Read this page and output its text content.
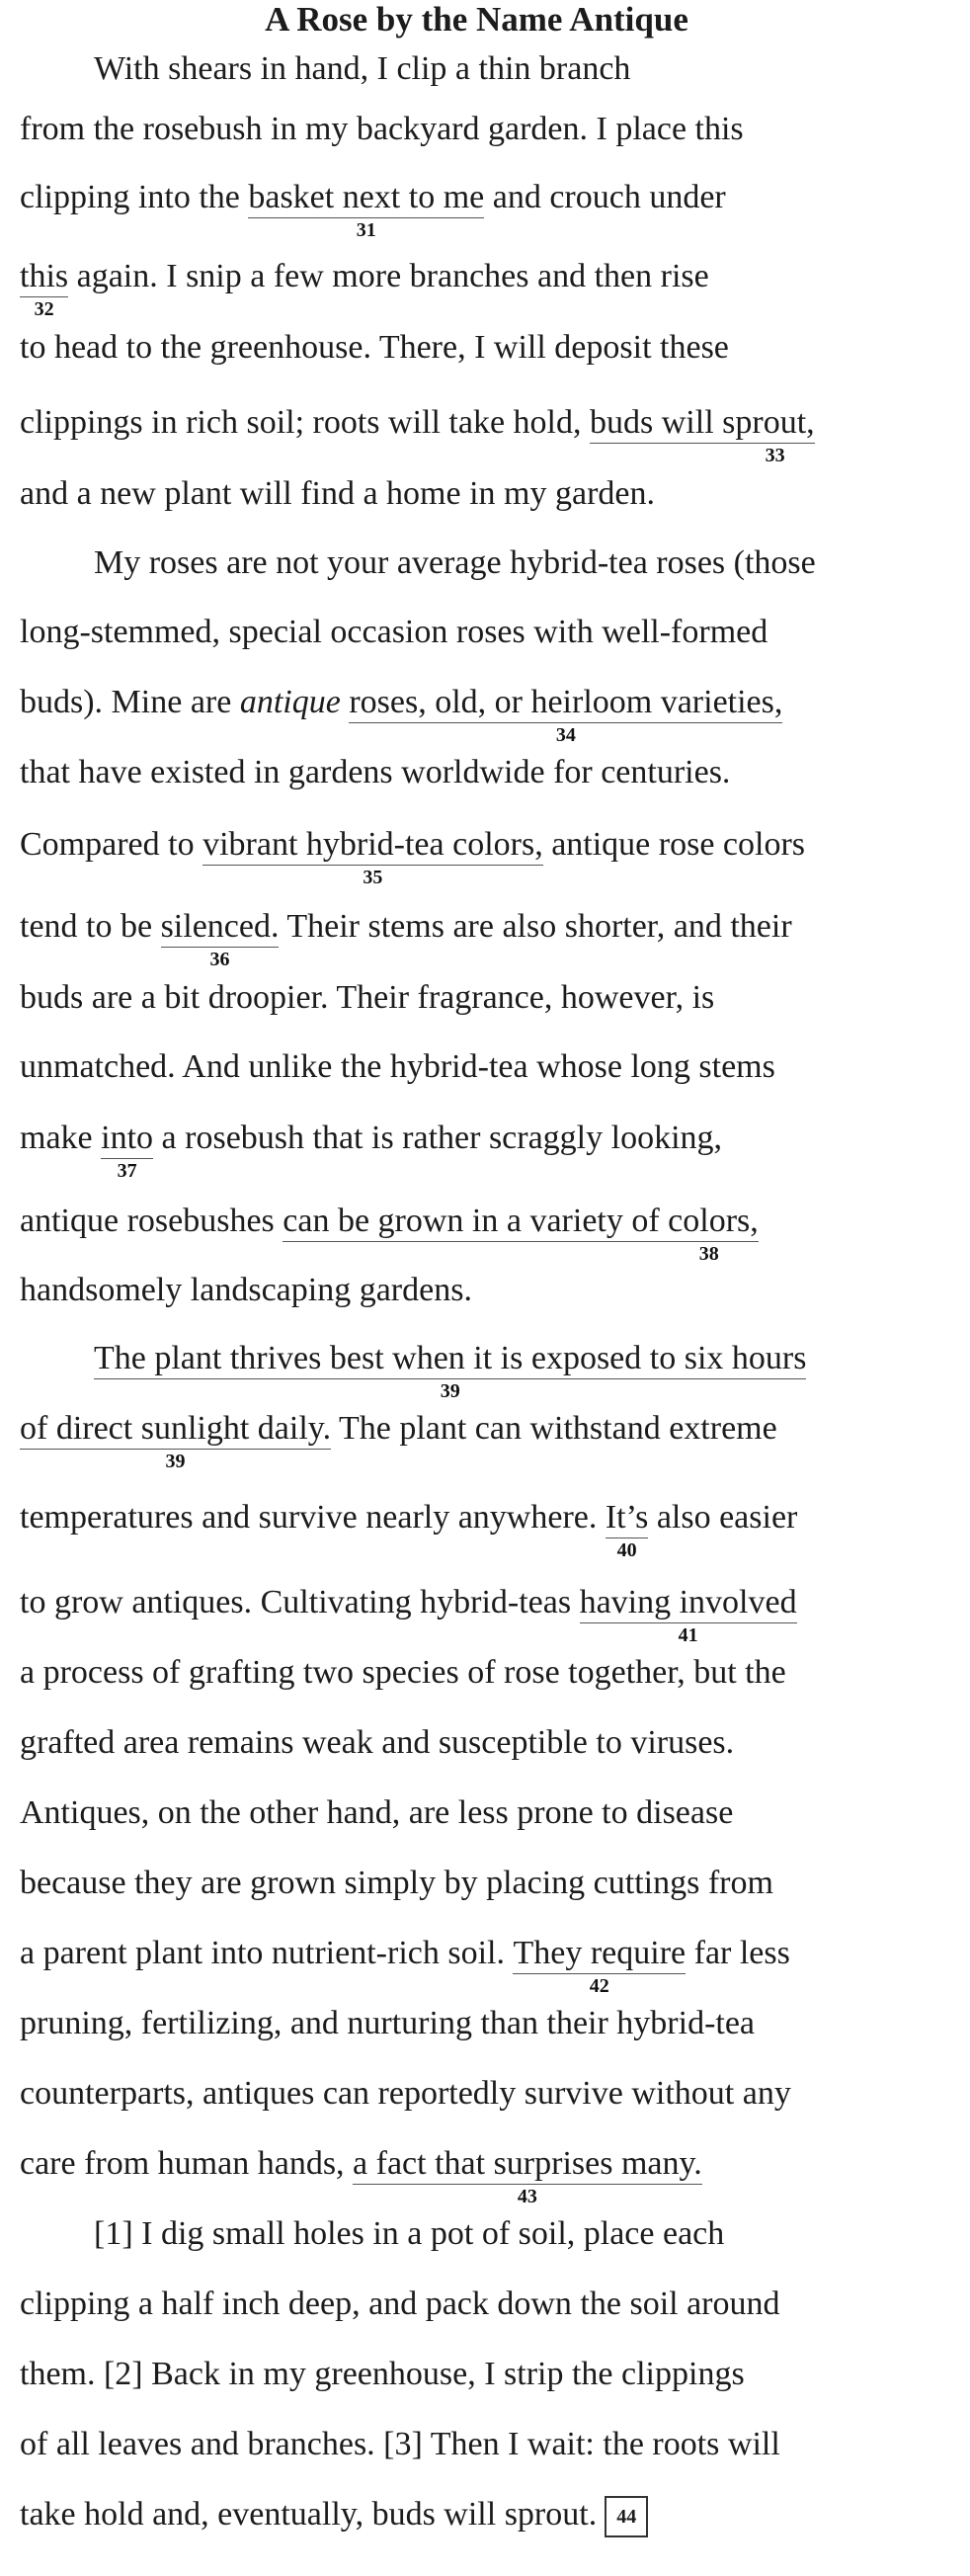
A Rose by the Name Antique

With shears in hand, I clip a thin branch

from the rosebush in my backyard garden. I place this

clipping into the basket next to me
31
and crouch under

this
32
again. I snip a few more branches and then rise

to head to the greenhouse. There, I will deposit these

clippings in rich soil; roots will take hold, buds will sprout,
33

and a new plant will find a home in my garden.

My roses are not your average hybrid-tea roses (those

long-stemmed, special occasion roses with well-formed

buds). Mine are antique roses, old, or heirloom varieties,
34

that have existed in gardens worldwide for centuries.

Compared to vibrant hybrid-tea colors,
35
antique rose colors

tend to be silenced.
36
Their stems are also shorter, and their

buds are a bit droopier. Their fragrance, however, is

unmatched. And unlike the hybrid-tea whose long stems

make into
37
a rosebush that is rather scraggly looking,

antique rosebushes can be grown in a variety of colors,
38

handsomely landscaping gardens.

The plant thrives best when it is exposed to six hours
39

of direct sunlight daily.
39
The plant can withstand extreme

temperatures and survive nearly anywhere. It’s
40
also easier

to grow antiques. Cultivating hybrid-teas having involved
41

a process of grafting two species of rose together, but the

grafted area remains weak and susceptible to viruses.

Antiques, on the other hand, are less prone to disease

because they are grown simply by placing cuttings from

a parent plant into nutrient-rich soil. They require
42
far less

pruning, fertilizing, and nurturing than their hybrid-tea

counterparts, antiques can reportedly survive without any

care from human hands, a fact that surprises many.
43

[1] I dig small holes in a pot of soil, place each

clipping a half inch deep, and pack down the soil around

them. [2] Back in my greenhouse, I strip the clippings

of all leaves and branches. [3] Then I wait: the roots will

take hold and, eventually, buds will sprout. 44
